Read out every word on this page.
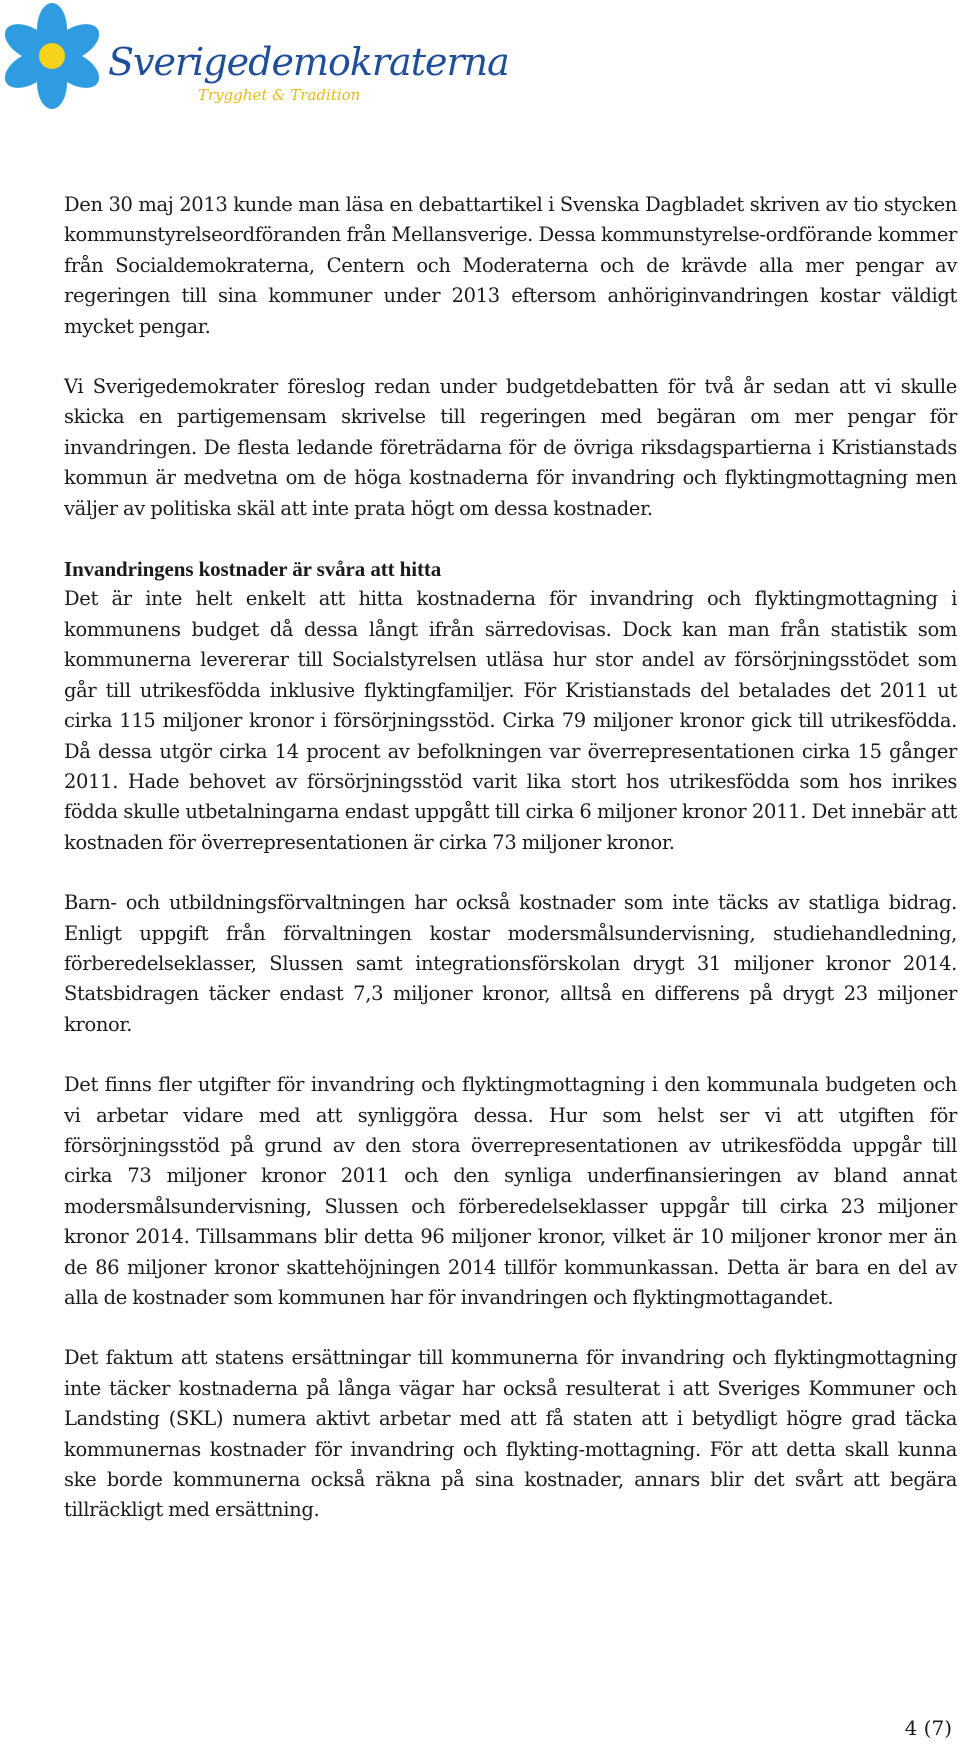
Sverigedemokraterna
Trygghet & Tradition

Den 30 maj 2013 kunde man läsa en debattartikel i Svenska Dagbladet skriven av tio stycken kommunstyrelseordföranden från Mellansverige. Dessa kommunstyrelse-ordförande kommer från Socialdemokraterna, Centern och Moderaterna och de krävde alla mer pengar av regeringen till sina kommuner under 2013 eftersom anhöriginvandringen kostar väldigt mycket pengar.

Vi Sverigedemokrater föreslog redan under budgetdebatten för två år sedan att vi skulle skicka en partigemensam skrivelse till regeringen med begäran om mer pengar för invandringen. De flesta ledande företrädarna för de övriga riksdagspartierna i Kristianstads kommun är medvetna om de höga kostnaderna för invandring och flyktingmottagning men väljer av politiska skäl att inte prata högt om dessa kostnader.

Invandringens kostnader är svåra att hitta

Det är inte helt enkelt att hitta kostnaderna för invandring och flyktingmottagning i kommunens budget då dessa långt ifrån särredovisas. Dock kan man från statistik som kommunerna levererar till Socialstyrelsen utläsa hur stor andel av försörjningsstödet som går till utrikesfödda inklusive flyktingfamiljer. För Kristianstads del betalades det 2011 ut cirka 115 miljoner kronor i försörjningsstöd. Cirka 79 miljoner kronor gick till utrikesfödda. Då dessa utgör cirka 14 procent av befolkningen var överrepresentationen cirka 15 gånger 2011. Hade behovet av försörjningsstöd varit lika stort hos utrikesfödda som hos inrikes födda skulle utbetalningarna endast uppgått till cirka 6 miljoner kronor 2011. Det innebär att kostnaden för överrepresentationen är cirka 73 miljoner kronor.

Barn- och utbildningsförvaltningen har också kostnader som inte täcks av statliga bidrag. Enligt uppgift från förvaltningen kostar modersmålsundervisning, studiehandledning, förberedelseklasser, Slussen samt integrationsförskolan drygt 31 miljoner kronor 2014. Statsbidragen täcker endast 7,3 miljoner kronor, alltså en differens på drygt 23 miljoner kronor.

Det finns fler utgifter för invandring och flyktingmottagning i den kommunala budgeten och vi arbetar vidare med att synliggöra dessa. Hur som helst ser vi att utgiften för försörjningsstöd på grund av den stora överrepresentationen av utrikesfödda uppgår till cirka 73 miljoner kronor 2011 och den synliga underfinansieringen av bland annat modersmålsundervisning, Slussen och förberedelseklasser uppgår till cirka 23 miljoner kronor 2014. Tillsammans blir detta 96 miljoner kronor, vilket är 10 miljoner kronor mer än de 86 miljoner kronor skattehöjningen 2014 tillför kommunkassan. Detta är bara en del av alla de kostnader som kommunen har för invandringen och flyktingmottagandet.

Det faktum att statens ersättningar till kommunerna för invandring och flyktingmottagning inte täcker kostnaderna på långa vägar har också resulterat i att Sveriges Kommuner och Landsting (SKL) numera aktivt arbetar med att få staten att i betydligt högre grad täcka kommunernas kostnader för invandring och flykting-mottagning. För att detta skall kunna ske borde kommunerna också räkna på sina kostnader, annars blir det svårt att begära tillräckligt med ersättning.

4 (7)
